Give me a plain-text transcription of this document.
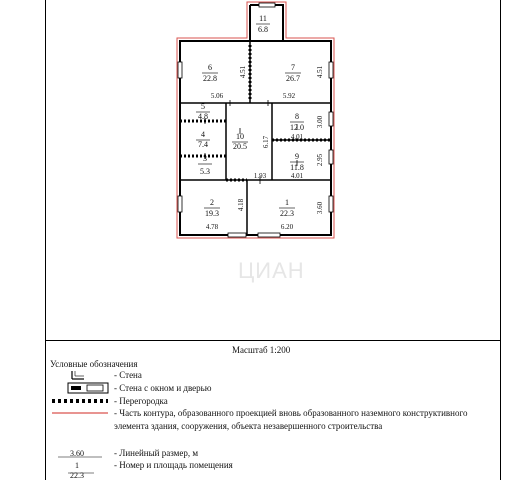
11
6.8
6
22.8
7
26.7
5
4.8
4
7.4
3
5.3
10
20.5
8
12.0
9
11.8
2
19.3
1
22.3
4.51
5.06	5.92
4.51
6.17
3.00
4.01
2.95
4.01
1.93
4.18	3.60
4.78	6.20
ЦИАН
Масштаб 1:200
Условные обозначения
- Стена
- Стена с окном и дверью
- Перегородка
- Часть контура, образованного проекцией вновь образованного наземного конструктивного элемента здания, сооружения, объекта незавершенного строительства
3.60	- Линейный размер, м
1	- Номер и площадь помещения
22.3
